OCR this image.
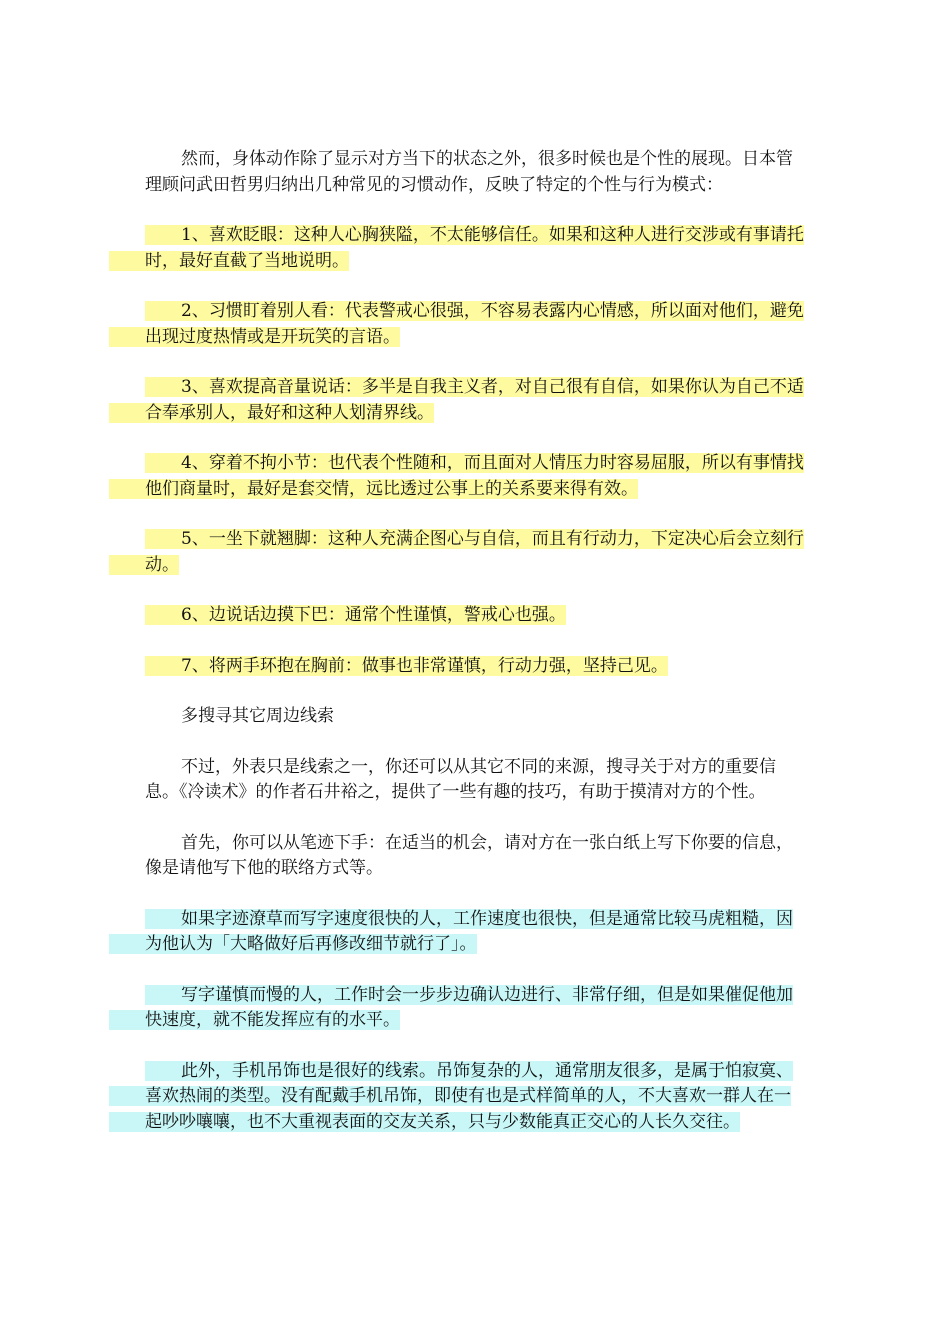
然而，身体动作除了显示对方当下的状态之外，很多时候也是个性的展现。日本管理顾问武田哲男归纳出几种常见的习惯动作，反映了特定的个性与行为模式：

1、喜欢眨眼：这种人心胸狭隘，不太能够信任。如果和这种人进行交涉或有事请托时，最好直截了当地说明。

2、习惯盯着别人看：代表警戒心很强，不容易表露内心情感，所以面对他们，避免出现过度热情或是开玩笑的言语。

3、喜欢提高音量说话：多半是自我主义者，对自己很有自信，如果你认为自己不适合奉承别人，最好和这种人划清界线。

4、穿着不拘小节：也代表个性随和，而且面对人情压力时容易屈服，所以有事情找他们商量时，最好是套交情，远比透过公事上的关系要来得有效。

5、一坐下就翘脚：这种人充满企图心与自信，而且有行动力，下定决心后会立刻行动。

6、边说话边摸下巴：通常个性谨慎，警戒心也强。

7、将两手环抱在胸前：做事也非常谨慎，行动力强，坚持己见。

多搜寻其它周边线索

不过，外表只是线索之一，你还可以从其它不同的来源，搜寻关于对方的重要信息。《冷读术》的作者石井裕之，提供了一些有趣的技巧，有助于摸清对方的个性。

首先，你可以从笔迹下手：在适当的机会，请对方在一张白纸上写下你要的信息，像是请他写下他的联络方式等。

如果字迹潦草而写字速度很快的人，工作速度也很快，但是通常比较马虎粗糙，因为他认为「大略做好后再修改细节就行了」。

写字谨慎而慢的人，工作时会一步步边确认边进行、非常仔细，但是如果催促他加快速度，就不能发挥应有的水平。

此外，手机吊饰也是很好的线索。吊饰复杂的人，通常朋友很多，是属于怕寂寞、喜欢热闹的类型。没有配戴手机吊饰，即使有也是式样简单的人，不大喜欢一群人在一起吵吵嚷嚷，也不大重视表面的交友关系，只与少数能真正交心的人长久交往。
